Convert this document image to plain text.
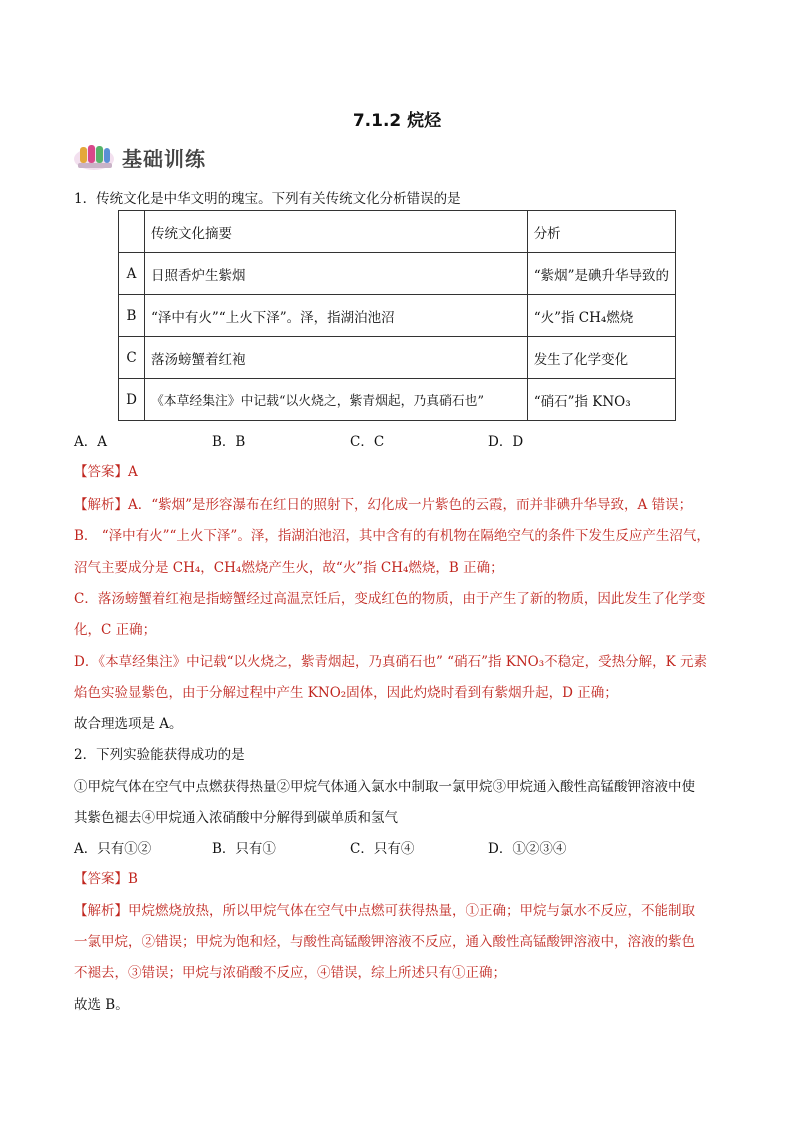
7.1.2 烷烃
基础训练
1．传统文化是中华文明的瑰宝。下列有关传统文化分析错误的是
	传统文化摘要	分析
A	日照香炉生紫烟	“紫烟”是碘升华导致的
B	“泽中有火”“上火下泽”。泽，指湖泊池沼	“火”指 CH₄燃烧
C	落汤螃蟹着红袍	发生了化学变化
D	《本草经集注》中记载“以火烧之，紫青烟起，乃真硝石也”	“硝石”指 KNO₃
A．A	B．B	C．C	D．D
【答案】A
【解析】A．“紫烟”是形容瀑布在红日的照射下，幻化成一片紫色的云霞，而并非碘升华导致，A 错误；
B． “泽中有火”“上火下泽”。泽，指湖泊池沼，其中含有的有机物在隔绝空气的条件下发生反应产生沼气，
沼气主要成分是 CH₄，CH₄燃烧产生火，故“火”指 CH₄燃烧，B 正确；
C．落汤螃蟹着红袍是指螃蟹经过高温烹饪后，变成红色的物质，由于产生了新的物质，因此发生了化学变
化，C 正确；
D．《本草经集注》中记载“以火烧之，紫青烟起，乃真硝石也” “硝石”指 KNO₃不稳定，受热分解，K 元素
焰色实验显紫色，由于分解过程中产生 KNO₂固体，因此灼烧时看到有紫烟升起，D 正确；
故合理选项是 A。
2．下列实验能获得成功的是
①甲烷气体在空气中点燃获得热量②甲烷气体通入氯水中制取一氯甲烷③甲烷通入酸性高锰酸钾溶液中使
其紫色褪去④甲烷通入浓硝酸中分解得到碳单质和氢气
A．只有①②	B．只有①	C．只有④	D．①②③④
【答案】B
【解析】甲烷燃烧放热，所以甲烷气体在空气中点燃可获得热量，①正确；甲烷与氯水不反应，不能制取
一氯甲烷，②错误；甲烷为饱和烃，与酸性高锰酸钾溶液不反应，通入酸性高锰酸钾溶液中，溶液的紫色
不褪去，③错误；甲烷与浓硝酸不反应，④错误，综上所述只有①正确；
故选 B。
